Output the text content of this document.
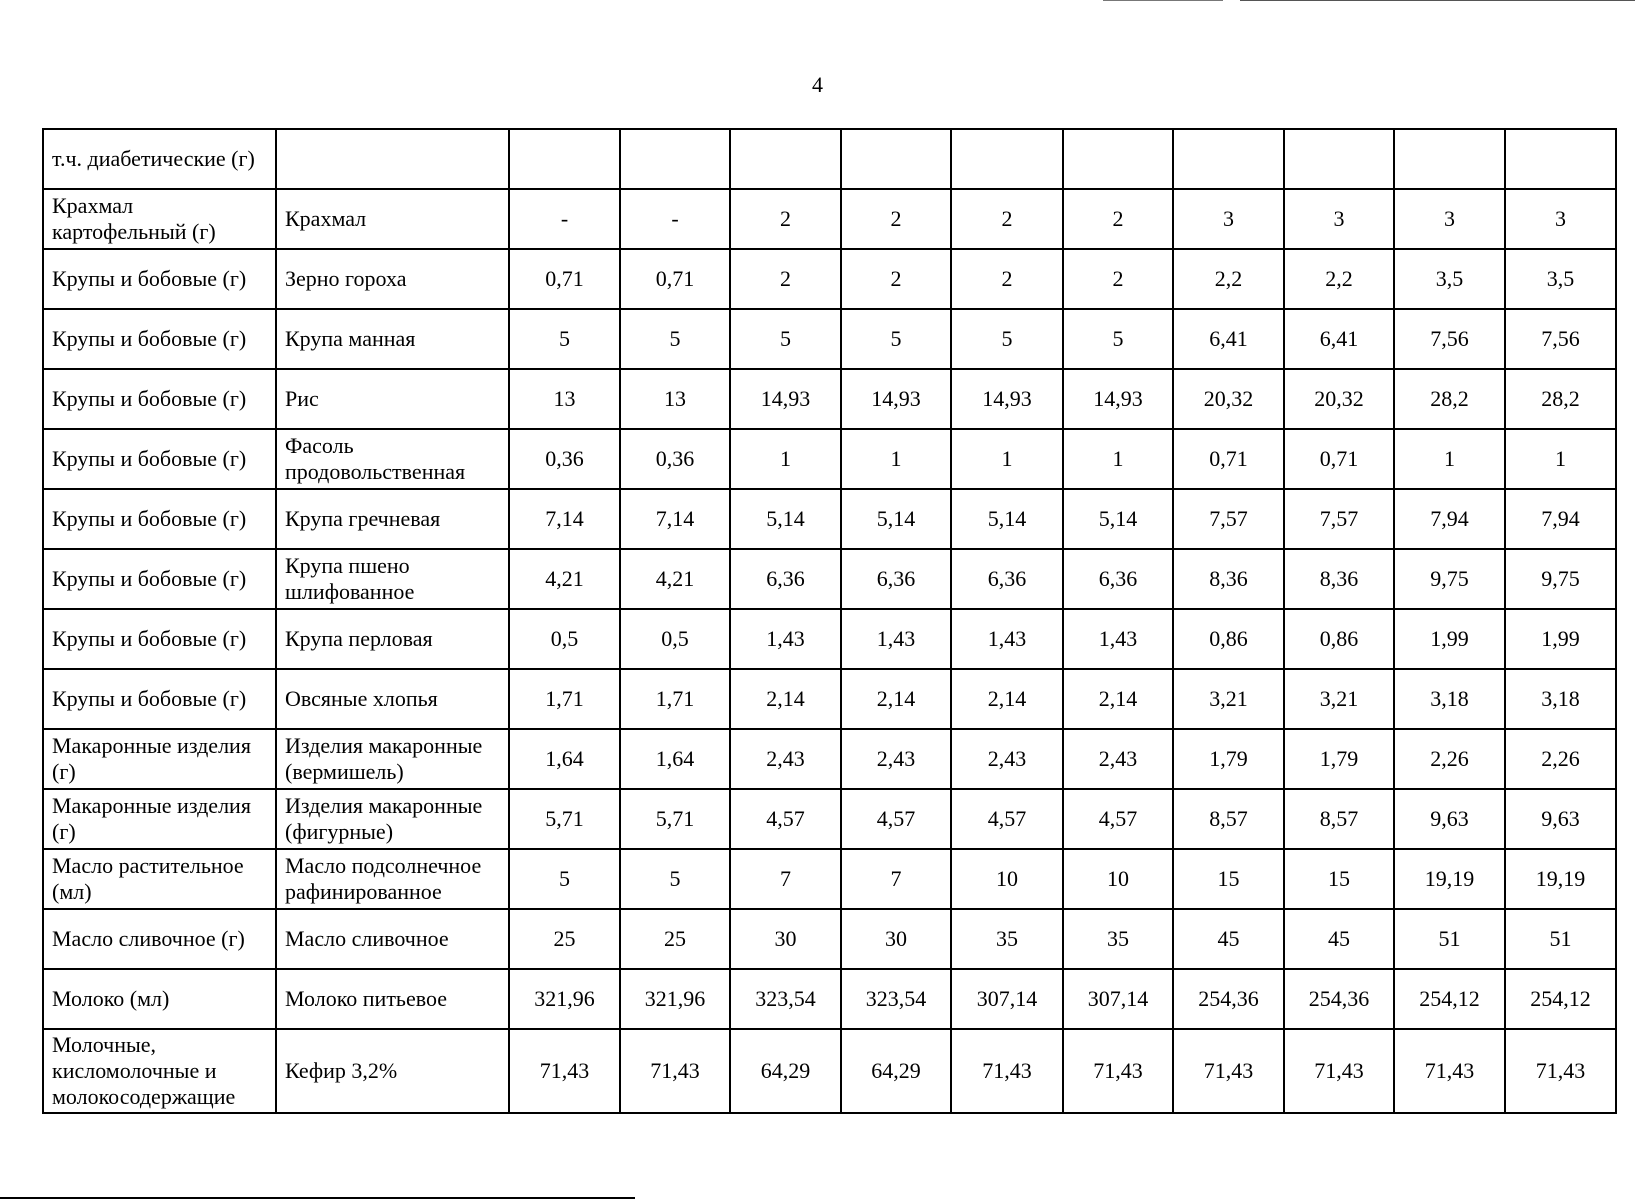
4
т.ч. диабетические (г)											
Крахмал картофельный (г)	Крахмал	-	-	2	2	2	2	3	3	3	3
Крупы и бобовые (г)	Зерно гороха	0,71	0,71	2	2	2	2	2,2	2,2	3,5	3,5
Крупы и бобовые (г)	Крупа манная	5	5	5	5	5	5	6,41	6,41	7,56	7,56
Крупы и бобовые (г)	Рис	13	13	14,93	14,93	14,93	14,93	20,32	20,32	28,2	28,2
Крупы и бобовые (г)	Фасоль продовольственная	0,36	0,36	1	1	1	1	0,71	0,71	1	1
Крупы и бобовые (г)	Крупа гречневая	7,14	7,14	5,14	5,14	5,14	5,14	7,57	7,57	7,94	7,94
Крупы и бобовые (г)	Крупа пшено шлифованное	4,21	4,21	6,36	6,36	6,36	6,36	8,36	8,36	9,75	9,75
Крупы и бобовые (г)	Крупа перловая	0,5	0,5	1,43	1,43	1,43	1,43	0,86	0,86	1,99	1,99
Крупы и бобовые (г)	Овсяные хлопья	1,71	1,71	2,14	2,14	2,14	2,14	3,21	3,21	3,18	3,18
Макаронные изделия (г)	Изделия макаронные (вермишель)	1,64	1,64	2,43	2,43	2,43	2,43	1,79	1,79	2,26	2,26
Макаронные изделия (г)	Изделия макаронные (фигурные)	5,71	5,71	4,57	4,57	4,57	4,57	8,57	8,57	9,63	9,63
Масло растительное (мл)	Масло подсолнечное рафинированное	5	5	7	7	10	10	15	15	19,19	19,19
Масло сливочное (г)	Масло сливочное	25	25	30	30	35	35	45	45	51	51
Молоко (мл)	Молоко питьевое	321,96	321,96	323,54	323,54	307,14	307,14	254,36	254,36	254,12	254,12
Молочные, кисломолочные и молокосодержащие	Кефир 3,2%	71,43	71,43	64,29	64,29	71,43	71,43	71,43	71,43	71,43	71,43
